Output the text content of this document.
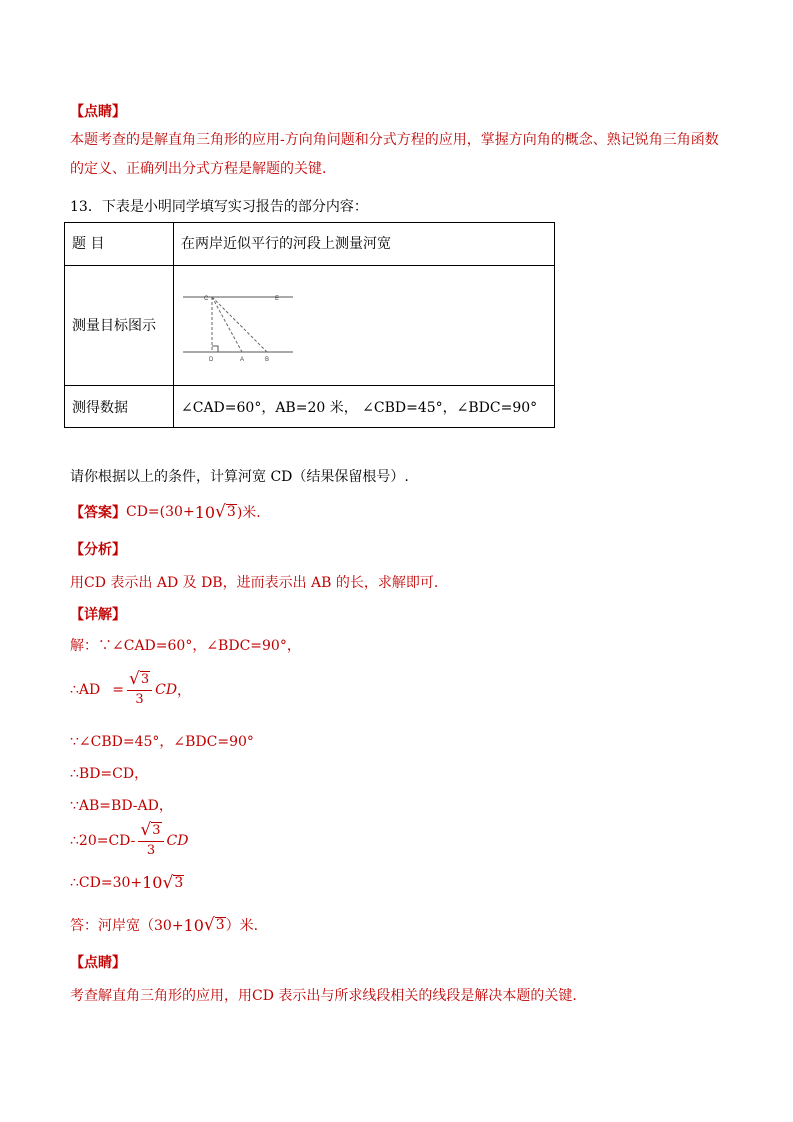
【点睛】
本题考查的是解直角三角形的应用-方向角问题和分式方程的应用，掌握方向角的概念、熟记锐角三角函数的定义、正确列出分式方程是解题的关键．
13．下表是小明同学填写实习报告的部分内容：
题 目	在两岸近似平行的河段上测量河宽
测量目标图示
C	E
D	A	B
测得数据	∠CAD=60°，AB=20 米， ∠CBD=45°，∠BDC=90°
请你根据以上的条件，计算河宽 CD（结果保留根号）.
【答案】 CD=(30+ 10 √ 3 )米.
【分析】
用CD 表示出 AD 及 DB，进而表示出 AB 的长，求解即可.
【详解】
解：∵∠CAD=60°，∠BDC=90°，
∴AD = $\frac{√ 3}{3}$ CD ，
∵∠CBD=45°，∠BDC=90°
∴BD=CD，
∵AB=BD-AD，
∴20=CD- $\frac{√ 3}{3}$ CD
∴CD=30+ 10 √ 3
答：河岸宽（30+ 10 √ 3 ）米.
【点睛】
考查解直角三角形的应用，用CD 表示出与所求线段相关的线段是解决本题的关键.
